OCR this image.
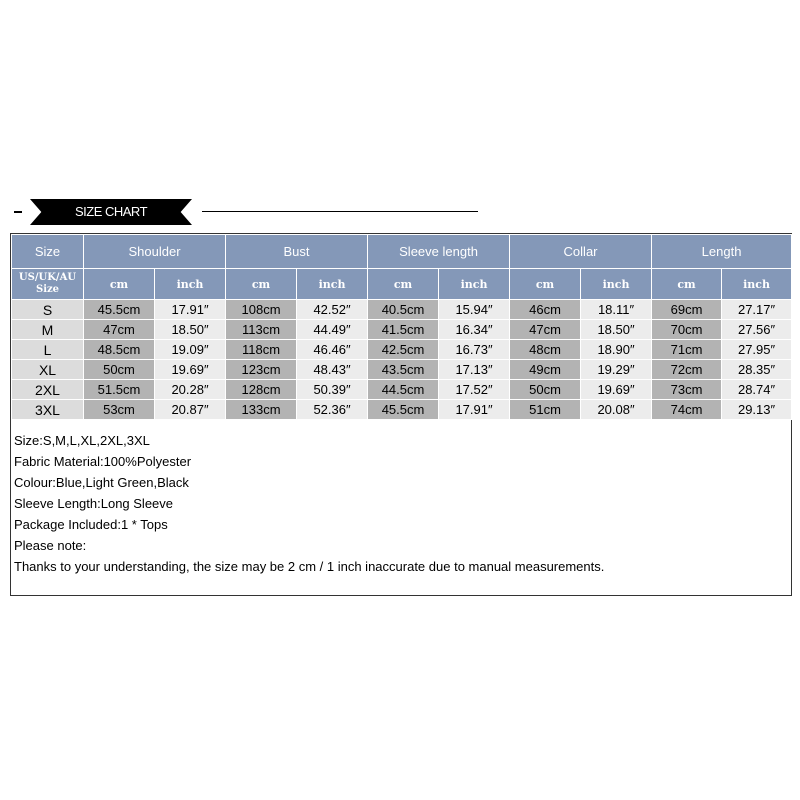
SIZE CHART
Size	Shoulder		Bust		Sleeve length		Collar		Length	
US/UK/AU
Size	cm	inch	cm	inch	cm	inch	cm	inch	cm	inch
S	45.5cm	17.91″	108cm	42.52″	40.5cm	15.94″	46cm	18.11″	69cm	27.17″
M	47cm	18.50″	113cm	44.49″	41.5cm	16.34″	47cm	18.50″	70cm	27.56″
L	48.5cm	19.09″	118cm	46.46″	42.5cm	16.73″	48cm	18.90″	71cm	27.95″
XL	50cm	19.69″	123cm	48.43″	43.5cm	17.13″	49cm	19.29″	72cm	28.35″
2XL	51.5cm	20.28″	128cm	50.39″	44.5cm	17.52″	50cm	19.69″	73cm	28.74″
3XL	53cm	20.87″	133cm	52.36″	45.5cm	17.91″	51cm	20.08″	74cm	29.13″
Size:S,M,L,XL,2XL,3XL
Fabric Material:100%Polyester
Colour:Blue,Light Green,Black
Sleeve Length:Long Sleeve
Package Included:1 * Tops
Please note:
Thanks to your understanding, the size may be 2 cm / 1 inch inaccurate due to manual measurements.
